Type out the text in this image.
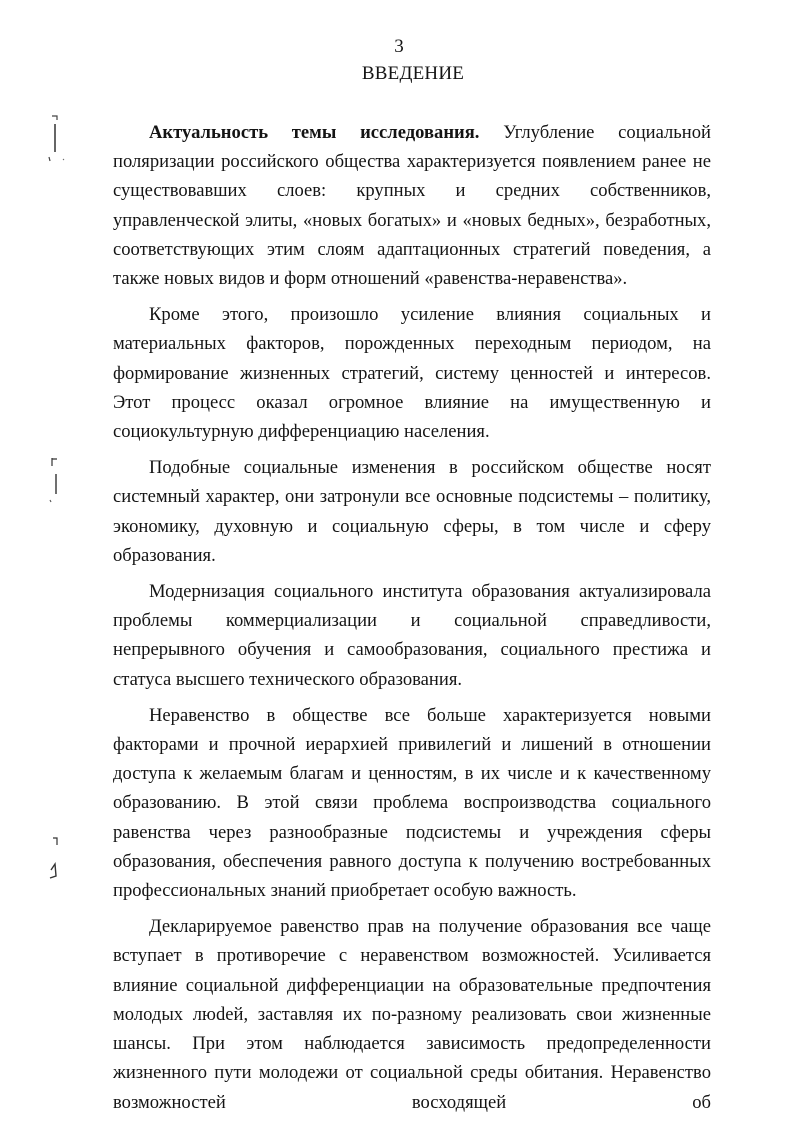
3
ВВЕДЕНИЕ

Актуальность темы исследования. Углубление социальной поляризации российского общества характеризуется появлением ранее не существовавших слоев: крупных и средних собственников, управленческой элиты, «новых богатых» и «новых бедных», безработных, соответствующих этим слоям адаптационных стратегий поведения, а также новых видов и форм отношений «равенства-неравенства».

Кроме этого, произошло усиление влияния социальных и материальных факторов, порожденных переходным периодом, на формирование жизненных стратегий, систему ценностей и интересов. Этот процесс оказал огромное влияние на имущественную и социокультурную дифференциацию населения.

Подобные социальные изменения в российском обществе носят системный характер, они затронули все основные подсистемы – политику, экономику, духовную и социальную сферы, в том числе и сферу образования.

Модернизация социального института образования актуализировала проблемы коммерциализации и социальной справедливости, непрерывного обучения и самообразования, социального престижа и статуса высшего технического образования.

Неравенство в обществе все больше характеризуется новыми факторами и прочной иерархией привилегий и лишений в отношении доступа к желаемым благам и ценностям, в их числе и к качественному образованию. В этой связи проблема воспроизводства социального равенства через разнообразные подсистемы и учреждения сферы образования, обеспечения равного доступа к получению востребованных профессиональных знаний приобретает особую важность.

Декларируемое равенство прав на получение образования все чаще вступает в противоречие с неравенством возможностей. Усиливается влияние социальной дифференциации на образовательные предпочтения молодых люdей, заставляя их по-разному реализовать свои жизненные шансы. При этом наблюдается зависимость предопределенности жизненного пути молодежи от социальной среды обитания. Неравенство возможностей восходящей об
